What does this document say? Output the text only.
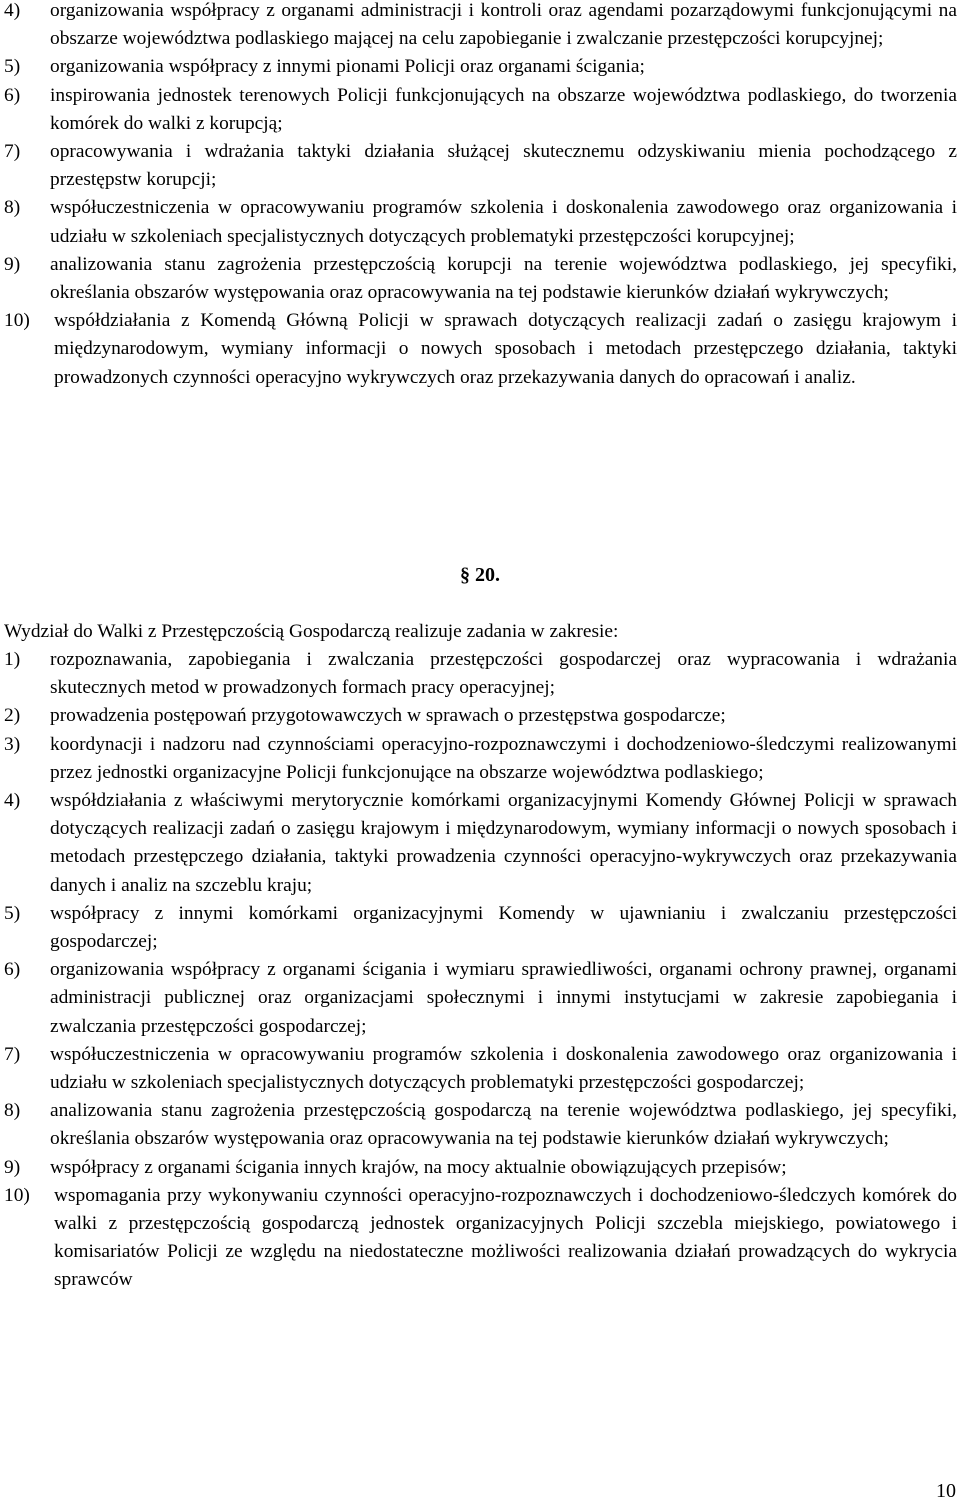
4)	organizowania współpracy z organami administracji i kontroli oraz agendami pozarządowymi funkcjonującymi na obszarze województwa podlaskiego mającej na celu zapobieganie i zwalczanie przestępczości korupcyjnej;
5)	organizowania współpracy z innymi pionami Policji oraz organami ścigania;
6)	inspirowania jednostek terenowych Policji funkcjonujących na obszarze województwa podlaskiego, do tworzenia komórek do walki z korupcją;
7)	opracowywania i wdrażania taktyki działania służącej skutecznemu odzyskiwaniu mienia pochodzącego z przestępstw korupcji;
8)	współuczestniczenia w opracowywaniu programów szkolenia i doskonalenia zawodowego oraz organizowania i udziału w szkoleniach specjalistycznych dotyczących problematyki przestępczości korupcyjnej;
9)	analizowania stanu zagrożenia przestępczością korupcji na terenie województwa podlaskiego, jej specyfiki, określania obszarów występowania oraz opracowywania na tej podstawie kierunków działań wykrywczych;
10)	współdziałania z Komendą Główną Policji w sprawach dotyczących realizacji zadań o zasięgu krajowym i międzynarodowym, wymiany informacji o nowych sposobach i metodach przestępczego działania, taktyki prowadzonych czynności operacyjno wykrywczych oraz przekazywania danych do opracowań i analiz.
§ 20.
Wydział do Walki z Przestępczością Gospodarczą realizuje zadania w zakresie:
1)	rozpoznawania, zapobiegania i zwalczania przestępczości gospodarczej oraz wypracowania i wdrażania skutecznych metod w prowadzonych formach pracy operacyjnej;
2)	prowadzenia postępowań przygotowawczych w sprawach o przestępstwa gospodarcze;
3)	koordynacji i nadzoru nad czynnościami operacyjno-rozpoznawczymi i dochodzeniowo-śledczymi realizowanymi przez jednostki organizacyjne Policji funkcjonujące na obszarze województwa podlaskiego;
4)	współdziałania z właściwymi merytorycznie komórkami organizacyjnymi Komendy Głównej Policji w sprawach dotyczących realizacji zadań o zasięgu krajowym i międzynarodowym, wymiany informacji o nowych sposobach i metodach przestępczego działania, taktyki prowadzenia czynności operacyjno-wykrywczych oraz przekazywania danych i analiz na szczeblu kraju;
5)	współpracy z innymi komórkami organizacyjnymi Komendy w ujawnianiu i zwalczaniu przestępczości gospodarczej;
6)	organizowania współpracy z organami ścigania i wymiaru sprawiedliwości, organami ochrony prawnej, organami administracji publicznej oraz organizacjami społecznymi i innymi instytucjami w zakresie zapobiegania i zwalczania przestępczości gospodarczej;
7)	współuczestniczenia w opracowywaniu programów szkolenia i doskonalenia zawodowego oraz organizowania i udziału w szkoleniach specjalistycznych dotyczących problematyki przestępczości gospodarczej;
8)	analizowania stanu zagrożenia przestępczością gospodarczą na terenie województwa podlaskiego, jej specyfiki, określania obszarów występowania oraz opracowywania na tej podstawie kierunków działań wykrywczych;
9)	współpracy z organami ścigania innych krajów, na mocy aktualnie obowiązujących przepisów;
10)	wspomagania przy wykonywaniu czynności operacyjno-rozpoznawczych i dochodzeniowo-śledczych komórek do walki z przestępczością gospodarczą jednostek organizacyjnych Policji szczebla miejskiego, powiatowego i komisariatów Policji ze względu na niedostateczne możliwości realizowania działań prowadzących do wykrycia sprawców
10
